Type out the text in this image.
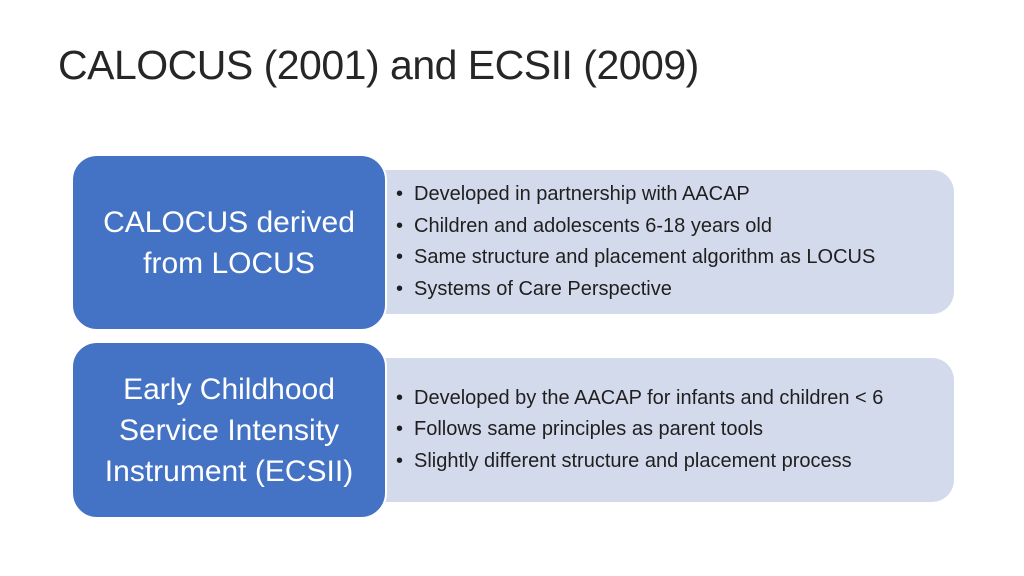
CALOCUS (2001) and ECSII (2009)
• Developed in partnership with AACAP
• Children and adolescents 6-18 years old
• Same structure and placement algorithm as LOCUS
• Systems of Care Perspective
CALOCUS derived
from LOCUS
• Developed by the AACAP for infants and children < 6
• Follows same principles as parent tools
• Slightly different structure and placement process
Early Childhood
Service Intensity
Instrument (ECSII)
